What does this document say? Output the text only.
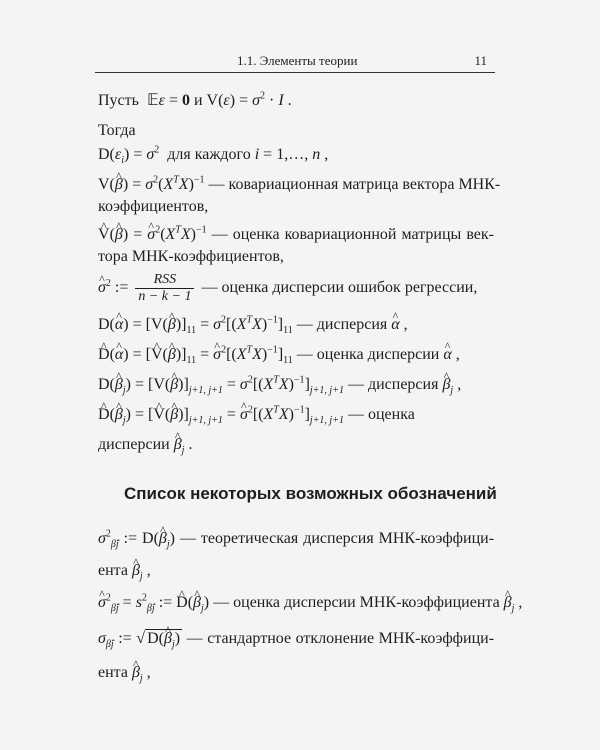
1.1. Элементы теории	11
Пусть  𝔼ε = 0 и $V(\varepsilon) = \sigma^2 \cdot I$ .
Тогда
$D(\varepsilon_i) = \sigma^2$ для каждого i = 1,…, n ,
V(^ $\beta) = \sigma^2(X^TX)^{-1}$ — ковариационная матрица вектора МНК-
коэффициентов,
^ V(^ β) = ^ $\sigma^2(X^TX)^{-1}$ — оценка ковариационной матрицы век-
тора МНК-коэффициентов,
^ $\sigma^2$ := $\frac{\text{RSS}}{n - k - 1}$ — оценка дисперсии ошибок регрессии,
D(^ α) = [V(^ $\beta)]_{11} = \sigma^2[(X^TX)^{-1}]_{11}$ — дисперсия ^ α ,
^ D(^ α) = [^ V(^ $\beta)]_{11}$ = ^ $\sigma^2[(X^TX)^{-1}]_{11}$ — оценка дисперсии ^ α ,
D(^ $\beta_j$) = [V(^ $\beta)]_{j+1, j+1} = \sigma^2[(X^TX)^{-1}]_{j+1, j+1}$ — дисперсия ^ $\beta_j$ ,
^ D(^ $\beta_j$) = [^ V(^ $\beta)]_{j+1, j+1}$ = ^ $\sigma^2[(X^TX)^{-1}]_{j+1, j+1}$ — оценка
дисперсии ^ $\beta_j$ .
Список некоторых возможных обозначений
$\sigma^2_{\betâj}$ := D(^ $\beta_j$) — теоретическая дисперсия МНК-коэффици-
ента ^ $\beta_j$ ,
^ $\sigma^2_{\betâj} = s^2_{\betâj}$ := ^ D(^ $\beta_j$) — оценка дисперсии МНК-коэффициента ^ $\beta_j$ ,
$\sigma_{\betâj}$ := √ D(^ $\beta_j$) — стандартное отклонение МНК-коэффици-
ента ^ $\beta_j$ ,
